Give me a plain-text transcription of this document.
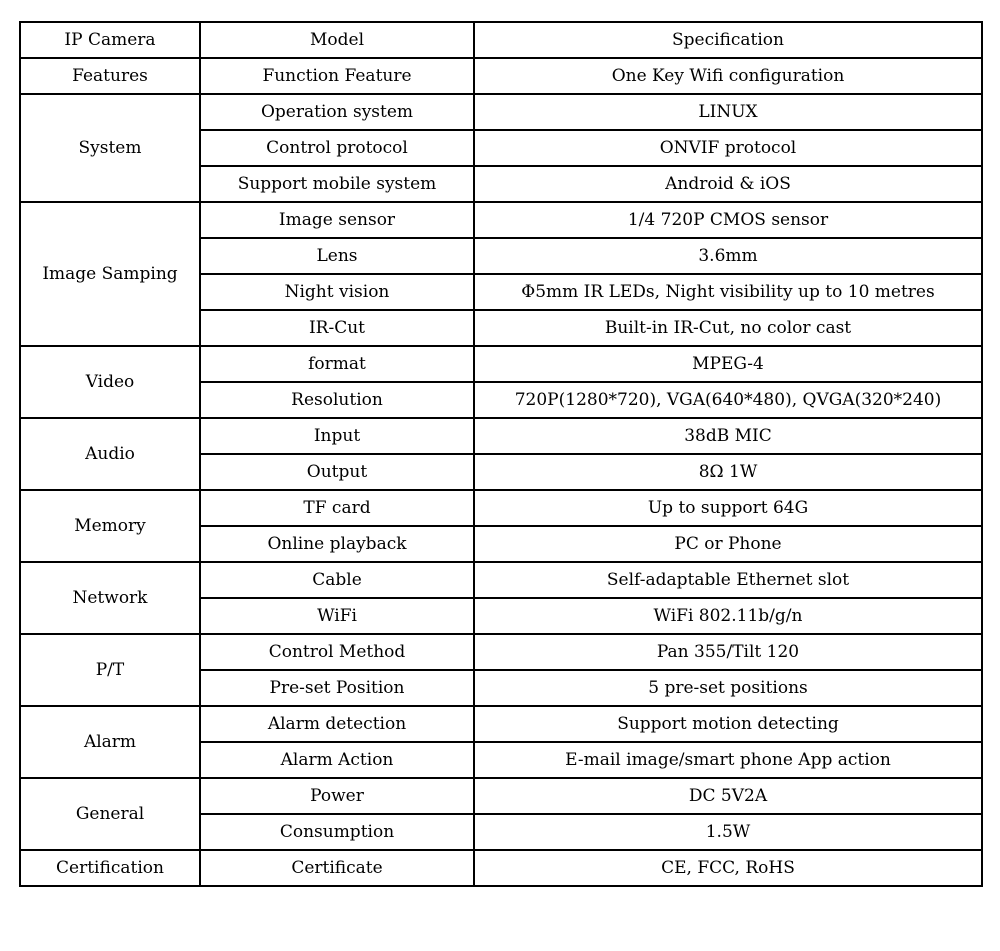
IP Camera	Model	Specification
Features	Function Feature	One Key Wifi configuration
System	Operation system	LINUX
	Control protocol	ONVIF protocol
	Support mobile system	Android & iOS
Image Samping	Image sensor	1/4 720P CMOS sensor
	Lens	3.6mm
	Night vision	Φ5mm IR LEDs, Night visibility up to 10 metres
	IR-Cut	Built-in IR-Cut, no color cast
Video	format	MPEG-4
	Resolution	720P(1280*720), VGA(640*480), QVGA(320*240)
Audio	Input	38dB MIC
	Output	8Ω 1W
Memory	TF card	Up to support 64G
	Online playback	PC or Phone
Network	Cable	Self-adaptable Ethernet slot
	WiFi	WiFi 802.11b/g/n
P/T	Control Method	Pan 355/Tilt 120
	Pre-set Position	5 pre-set positions
Alarm	Alarm detection	Support motion detecting
	Alarm Action	E-mail image/smart phone App action
General	Power	DC 5V2A
	Consumption	1.5W
Certification	Certificate	CE, FCC, RoHS
